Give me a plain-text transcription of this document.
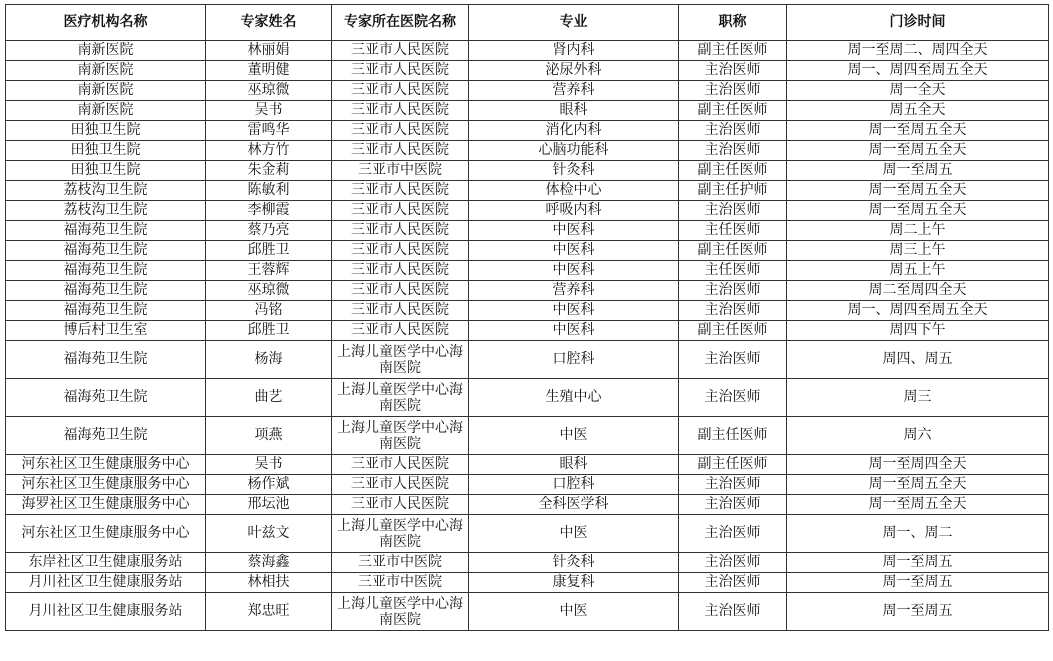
医疗机构名称	专家姓名	专家所在医院名称	专业	职称	门诊时间
南新医院	林丽娟	三亚市人民医院	肾内科	副主任医师	周一至周二、周四全天
南新医院	董明健	三亚市人民医院	泌尿外科	主治医师	周一、周四至周五全天
南新医院	巫琼微	三亚市人民医院	营养科	主治医师	周一全天
南新医院	吴书	三亚市人民医院	眼科	副主任医师	周五全天
田独卫生院	雷鸣华	三亚市人民医院	消化内科	主治医师	周一至周五全天
田独卫生院	林方竹	三亚市人民医院	心脑功能科	主治医师	周一至周五全天
田独卫生院	朱金莉	三亚市中医院	针灸科	副主任医师	周一至周五
荔枝沟卫生院	陈敏利	三亚市人民医院	体检中心	副主任护师	周一至周五全天
荔枝沟卫生院	李柳霞	三亚市人民医院	呼吸内科	主治医师	周一至周五全天
福海苑卫生院	蔡乃亮	三亚市人民医院	中医科	主任医师	周二上午
福海苑卫生院	邱胜卫	三亚市人民医院	中医科	副主任医师	周三上午
福海苑卫生院	王蓉辉	三亚市人民医院	中医科	主任医师	周五上午
福海苑卫生院	巫琼微	三亚市人民医院	营养科	主治医师	周二至周四全天
福海苑卫生院	冯铭	三亚市人民医院	中医科	主治医师	周一、周四至周五全天
博后村卫生室	邱胜卫	三亚市人民医院	中医科	副主任医师	周四下午
福海苑卫生院	杨海	上海儿童医学中心海南医院	口腔科	主治医师	周四、周五
福海苑卫生院	曲艺	上海儿童医学中心海南医院	生殖中心	主治医师	周三
福海苑卫生院	项燕	上海儿童医学中心海南医院	中医	副主任医师	周六
河东社区卫生健康服务中心	吴书	三亚市人民医院	眼科	副主任医师	周一至周四全天
河东社区卫生健康服务中心	杨作斌	三亚市人民医院	口腔科	主治医师	周一至周五全天
海罗社区卫生健康服务中心	邢坛池	三亚市人民医院	全科医学科	主治医师	周一至周五全天
河东社区卫生健康服务中心	叶兹文	上海儿童医学中心海南医院	中医	主治医师	周一、周二
东岸社区卫生健康服务站	蔡海鑫	三亚市中医院	针灸科	主治医师	周一至周五
月川社区卫生健康服务站	林相扶	三亚市中医院	康复科	主治医师	周一至周五
月川社区卫生健康服务站	郑忠旺	上海儿童医学中心海南医院	中医	主治医师	周一至周五
